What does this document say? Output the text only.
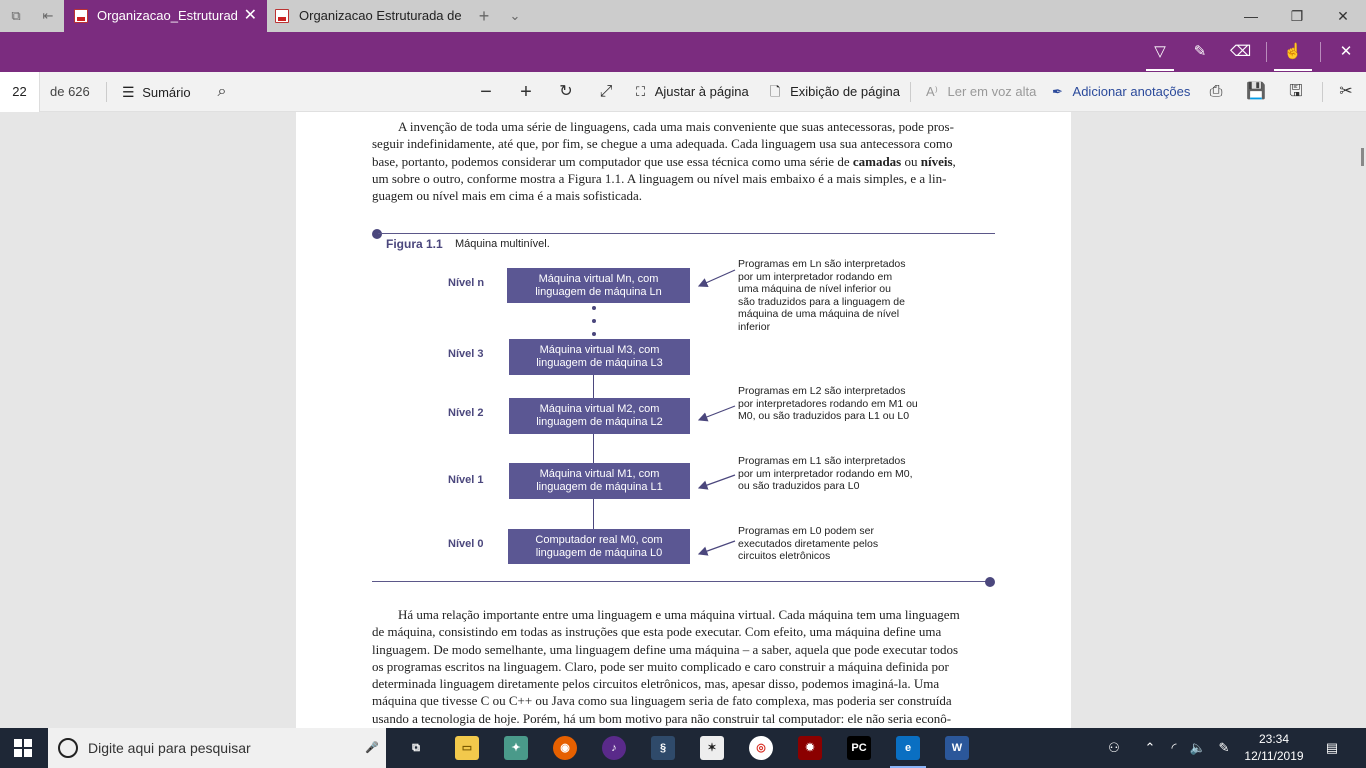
⧉ ⇤	Organizacao_Estruturad ✕	Organizacao Estruturada de + ⌄	—	❐	✕
▽ ✎ ⌫ ☝ ✕
22	de 626 ☰ Sumário	⌕	− + ↻ ⤢ ⛶ Ajustar à página 🗋 Exibição de página A⁾ Ler em voz alta ✒ Adicionar anotações ⎙ 💾 🖫 ✂
A invenção de toda uma série de linguagens, cada uma mais conveniente que suas antecessoras, pode pros-
seguir indefinidamente, até que, por fim, se chegue a uma adequada. Cada linguagem usa sua antecessora como
base, portanto, podemos considerar um computador que use essa técnica como uma série de camadas ou níveis,
um sobre o outro, conforme mostra a Figura 1.1. A linguagem ou nível mais embaixo é a mais simples, e a lin-
guagem ou nível mais em cima é a mais sofisticada.
Figura 1.1 Máquina multinível.
Nível n	Máquina virtual Mn, com
linguagem de máquina Ln
Programas em Ln são interpretados
por um interpretador rodando em
uma máquina de nível inferior ou
são traduzidos para a linguagem de
máquina de uma máquina de nível
inferior
Nível 3	Máquina virtual M3, com
linguagem de máquina L3
Nível 2	Máquina virtual M2, com
linguagem de máquina L2
Programas em L2 são interpretados
por interpretadores rodando em M1 ou
M0, ou são traduzidos para L1 ou L0
Nível 1	Máquina virtual M1, com
linguagem de máquina L1
Programas em L1 são interpretados
por um interpretador rodando em M0,
ou são traduzidos para L0
Nível 0	Computador real M0, com
linguagem de máquina L0
Programas em L0 podem ser
executados diretamente pelos
circuitos eletrônicos
Há uma relação importante entre uma linguagem e uma máquina virtual. Cada máquina tem uma linguagem
de máquina, consistindo em todas as instruções que esta pode executar. Com efeito, uma máquina define uma
linguagem. De modo semelhante, uma linguagem define uma máquina – a saber, aquela que pode executar todos
os programas escritos na linguagem. Claro, pode ser muito complicado e caro construir a máquina definida por
determinada linguagem diretamente pelos circuitos eletrônicos, mas, apesar disso, podemos imaginá-la. Uma
máquina que tivesse C ou C++ ou Java como sua linguagem seria de fato complexa, mas poderia ser construída
usando a tecnologia de hoje. Porém, há um bom motivo para não construir tal computador: ele não seria econô-
Digite aqui para pesquisar	🎤	⧉	▭	✦	◉	♪	§	✶	◎	✹	PC	e	W	⚇	⌃	◜	🔈 ✎
23:34
12/11/2019
▤
